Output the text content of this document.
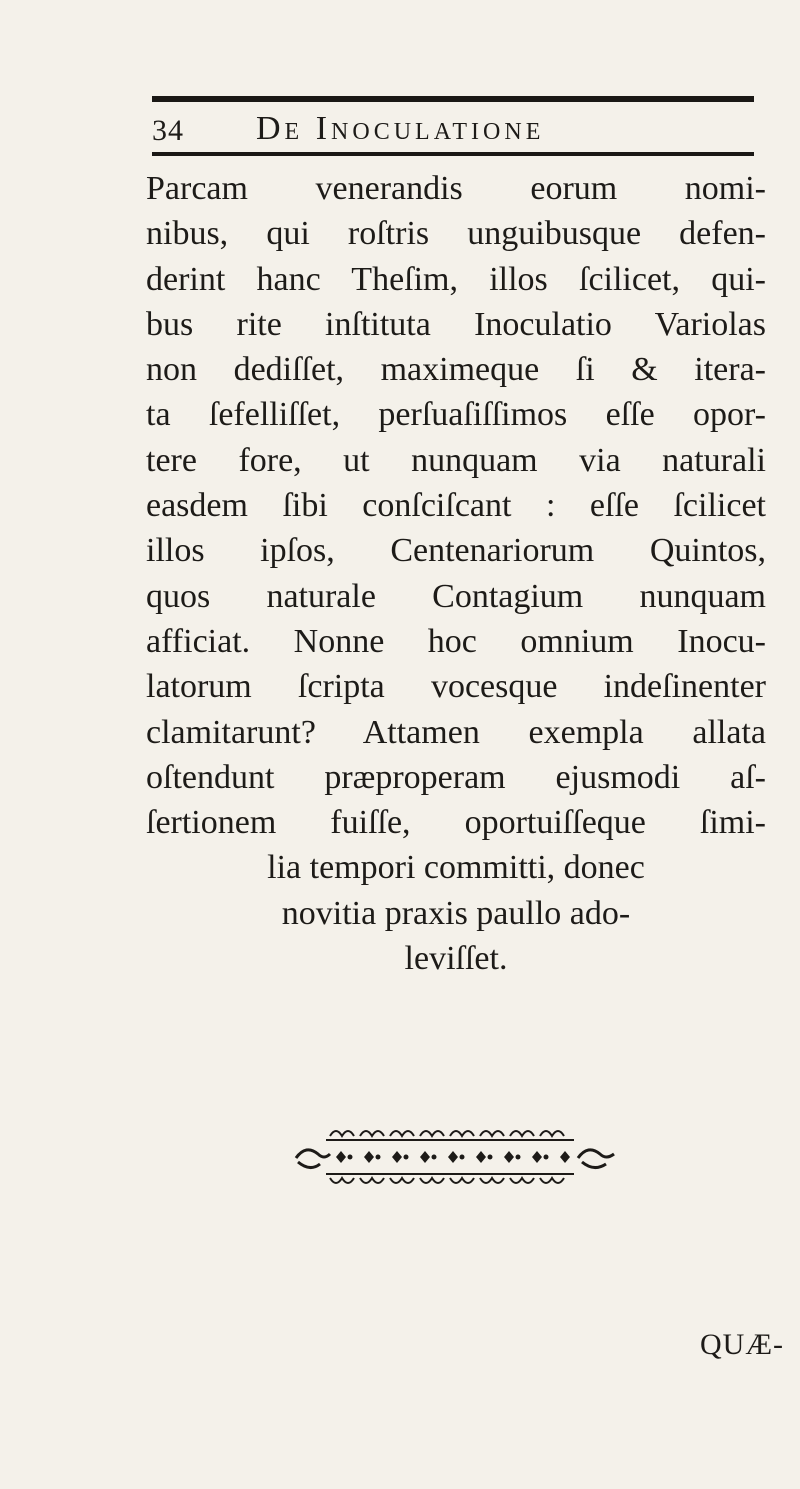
34 De Inoculatione
Parcam venerandis eorum nomi-
nibus, qui roſtris unguibusque defen-
derint hanc Theſim, illos ſcilicet, qui-
bus rite inſtituta Inoculatio Variolas
non dediſſet, maximeque ſi & itera-
ta ſefelliſſet, perſuaſiſſimos eſſe opor-
tere fore, ut nunquam via naturali
easdem ſibi conſciſcant : eſſe ſcilicet
illos ipſos, Centenariorum Quintos,
quos naturale Contagium nunquam
afficiat. Nonne hoc omnium Inocu-
latorum ſcripta vocesque indeſinenter
clamitarunt? Attamen exempla allata
oſtendunt præproperam ejusmodi aſ-
ſertionem fuiſſe, oportuiſſeque ſimi-
lia tempori committi, donec
novitia praxis paullo ado-
leviſſet.
QUÆ-
